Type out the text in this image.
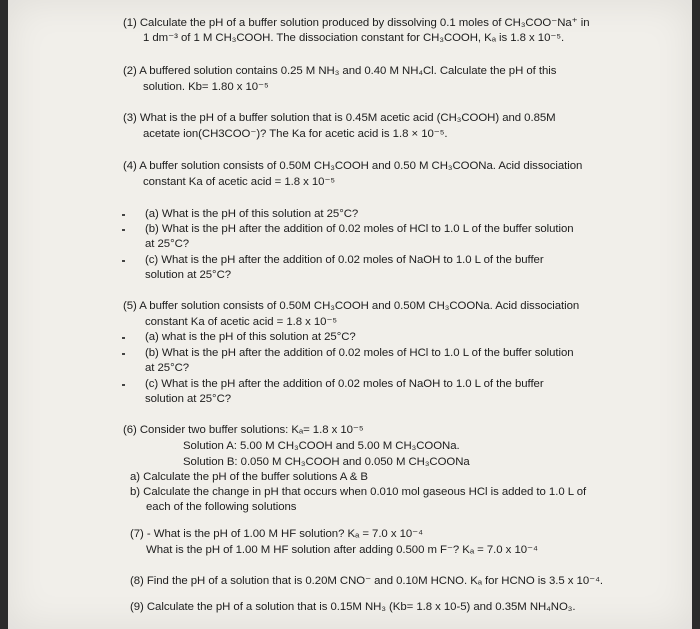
(1) Calculate the pH of a buffer solution produced by dissolving 0.1 moles of CH₃COO⁻Na⁺ in

1 dm⁻³ of 1 M CH₃COOH. The dissociation constant for CH₃COOH, Kₐ is 1.8 x 10⁻⁵.

(2) A buffered solution contains 0.25 M NH₃ and 0.40 M NH₄Cl. Calculate the pH of this

solution. Kb= 1.80 x 10⁻⁵

(3) What is the pH of a buffer solution that is 0.45M acetic acid (CH₃COOH) and 0.85M

acetate ion(CH3COO⁻)? The Ka for acetic acid is 1.8 × 10⁻⁵.

(4) A buffer solution consists of 0.50M CH₃COOH and 0.50 M CH₃COONa. Acid dissociation

constant Ka of acetic acid = 1.8 x 10⁻⁵

(a) What is the pH of this solution at 25°C?

(b) What is the pH after the addition of 0.02 moles of HCl to 1.0 L of the buffer solution

at 25°C?

(c) What is the pH after the addition of 0.02 moles of NaOH to 1.0 L of the buffer

solution at 25°C?

(5) A buffer solution consists of 0.50M CH₃COOH and 0.50M CH₃COONa. Acid dissociation

constant Ka of acetic acid = 1.8 x 10⁻⁵

(a) what is the pH of this solution at 25°C?

(b) What is the pH after the addition of 0.02 moles of HCl to 1.0 L of the buffer solution

at 25°C?

(c) What is the pH after the addition of 0.02 moles of NaOH to 1.0 L of the buffer

solution at 25°C?

(6) Consider two buffer solutions: Kₐ= 1.8 x 10⁻⁵

Solution A: 5.00 M CH₃COOH and 5.00 M CH₃COONa.

Solution B: 0.050 M CH₃COOH and 0.050 M CH₃COONa

a) Calculate the pH of the buffer solutions A & B

b) Calculate the change in pH that occurs when 0.010 mol gaseous HCl is added to 1.0 L of

each of the following solutions

(7) - What is the pH of 1.00 M HF solution? Kₐ = 7.0 x 10⁻⁴

What is the pH of 1.00 M HF solution after adding 0.500 m F⁻? Kₐ = 7.0 x 10⁻⁴

(8) Find the pH of a solution that is 0.20M CNO⁻ and 0.10M HCNO. Kₐ for HCNO is 3.5 x 10⁻⁴.

(9) Calculate the pH of a solution that is 0.15M NH₃ (Kb= 1.8 x 10-5) and 0.35M NH₄NO₃.
